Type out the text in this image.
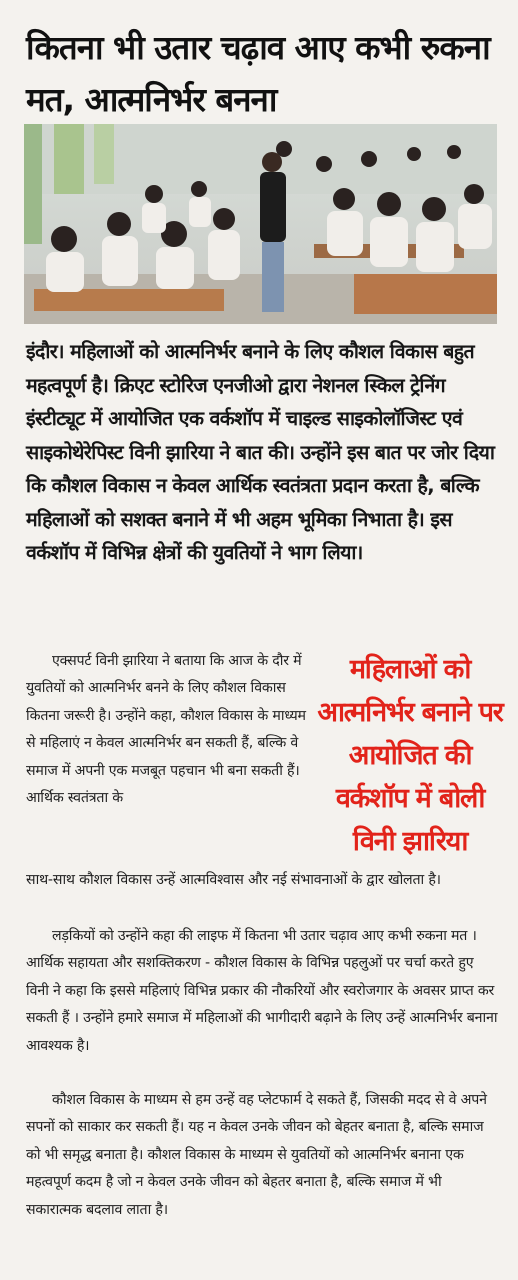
कितना भी उतार चढ़ाव आए कभी रुकना मत, आत्मनिर्भर बनना
इंदौर। महिलाओं को आत्मनिर्भर बनाने के लिए कौशल विकास बहुत महत्वपूर्ण है। क्रिएट स्टोरिज एनजीओ द्वारा नेशनल स्किल ट्रेनिंग इंस्टीट्यूट में आयोजित एक वर्कशॉप में चाइल्ड साइकोलॉजिस्ट एवं साइकोथेरेपिस्ट विनी झारिया ने बात की। उन्होंने इस बात पर जोर दिया कि कौशल विकास न केवल आर्थिक स्वतंत्रता प्रदान करता है, बल्कि महिलाओं को सशक्त बनाने में भी अहम भूमिका निभाता है। इस वर्कशॉप में विभिन्न क्षेत्रों की युवतियों ने भाग लिया।
एक्सपर्ट विनी झारिया ने बताया कि आज के दौर में युवतियों को आत्मनिर्भर बनने के लिए कौशल विकास कितना जरूरी है। उन्होंने कहा, कौशल विकास के माध्यम से महिलाएं न केवल आत्मनिर्भर बन सकती हैं, बल्कि वे समाज में अपनी एक मजबूत पहचान भी बना सकती हैं। आर्थिक स्वतंत्रता के
महिलाओं को आत्मनिर्भर बनाने पर आयोजित की वर्कशॉप में बोली विनी झारिया
साथ-साथ कौशल विकास उन्हें आत्मविश्वास और नई संभावनाओं के द्वार खोलता है।
लड़कियों को उन्होंने कहा की लाइफ में कितना भी उतार चढ़ाव आए कभी रुकना मत । आर्थिक सहायता और सशक्तिकरण - कौशल विकास के विभिन्न पहलुओं पर चर्चा करते हुए विनी ने कहा कि इससे महिलाएं विभिन्न प्रकार की नौकरियों और स्वरोजगार के अवसर प्राप्त कर सकती हैं । उन्होंने हमारे समाज में महिलाओं की भागीदारी बढ़ाने के लिए उन्हें आत्मनिर्भर बनाना आवश्यक है।
कौशल विकास के माध्यम से हम उन्हें वह प्लेटफार्म दे सकते हैं, जिसकी मदद से वे अपने सपनों को साकार कर सकती हैं। यह न केवल उनके जीवन को बेहतर बनाता है, बल्कि समाज को भी समृद्ध बनाता है। कौशल विकास के माध्यम से युवतियों को आत्मनिर्भर बनाना एक महत्वपूर्ण कदम है जो न केवल उनके जीवन को बेहतर बनाता है, बल्कि समाज में भी सकारात्मक बदलाव लाता है।
